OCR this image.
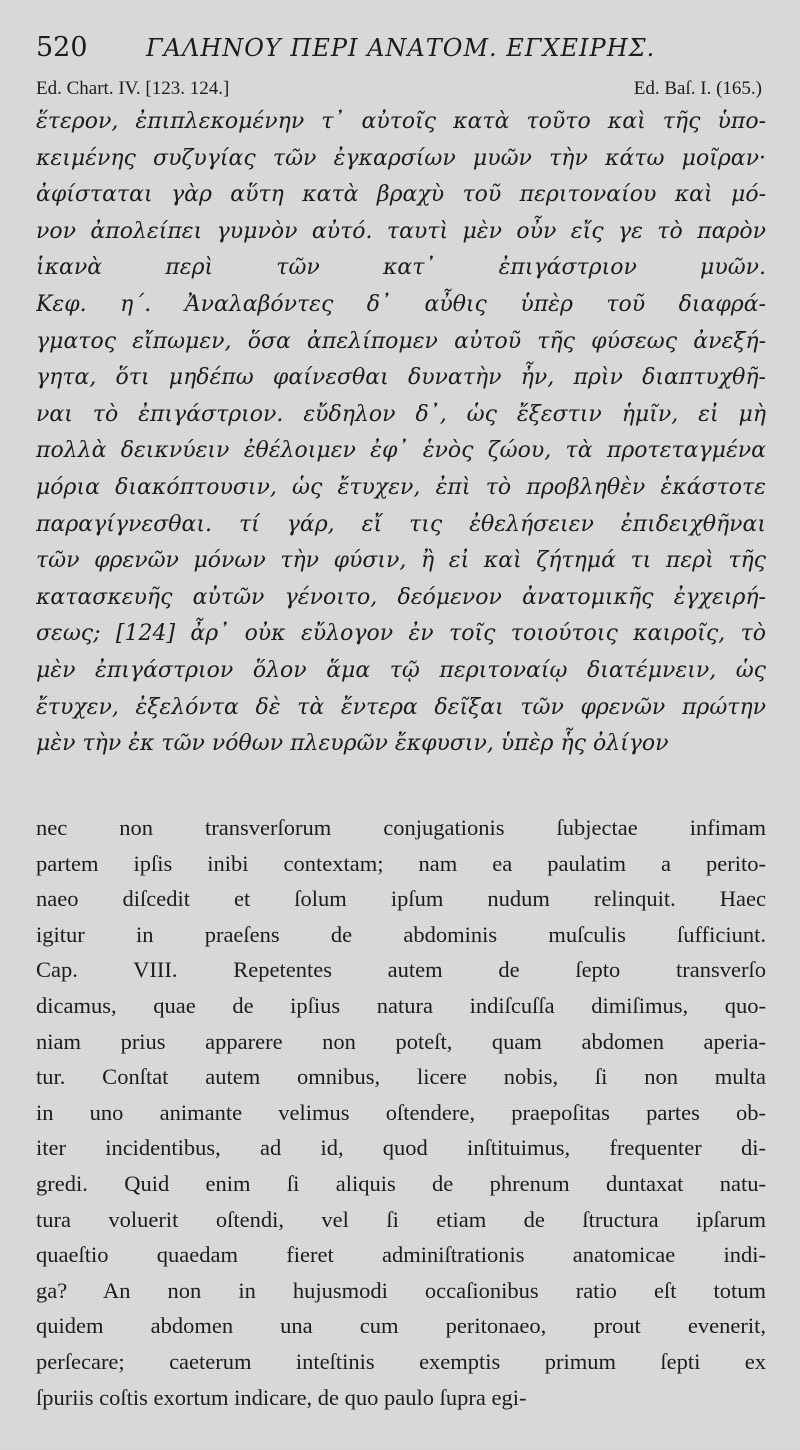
520 ΓΑΛΗΝΟΥ ΠΕΡΙ ΑΝΑΤΟΜ. ΕΓΧΕΙΡΗΣ.
Ed. Chart. IV. [123. 124.]	Ed. Baſ. I. (165.)
ἕτερον, ἐπιπλεκομένην τ᾽ αὐτοῖς κατὰ τοῦτο καὶ τῆς ὑπο-
κειμένης συζυγίας τῶν ἐγκαρσίων μυῶν τὴν κάτω μοῖραν·
ἀφίσταται γὰρ αὕτη κατὰ βραχὺ τοῦ περιτοναίου καὶ μό-
νον ἀπολείπει γυμνὸν αὐτό. ταυτὶ μὲν οὖν εἴς γε τὸ παρὸν
ἱκανὰ περὶ τῶν κατ᾽ ἐπιγάστριον μυῶν.
Κεφ. η΄. Ἀναλαβόντες δ᾽ αὖθις ὑπὲρ τοῦ διαφρά-
γματος εἴπωμεν, ὅσα ἀπελίπομεν αὐτοῦ τῆς φύσεως ἀνεξή-
γητα, ὅτι μηδέπω φαίνεσθαι δυνατὴν ἦν, πρὶν διαπτυχθῆ-
ναι τὸ ἐπιγάστριον. εὔδηλον δ᾽, ὡς ἔξεστιν ἡμῖν, εἰ μὴ
πολλὰ δεικνύειν ἐθέλοιμεν ἐφ᾽ ἑνὸς ζώου, τὰ προτεταγμένα
μόρια διακόπτουσιν, ὡς ἔτυχεν, ἐπὶ τὸ προβληθὲν ἑκάστοτε
παραγίγνεσθαι. τί γάρ, εἴ τις ἐθελήσειεν ἐπιδειχθῆναι
τῶν φρενῶν μόνων τὴν φύσιν, ἢ εἰ καὶ ζήτημά τι περὶ τῆς
κατασκευῆς αὐτῶν γένοιτο, δεόμενον ἀνατομικῆς ἐγχειρή-
σεως; [124] ἆρ᾽ οὐκ εὔλογον ἐν τοῖς τοιούτοις καιροῖς, τὸ
μὲν ἐπιγάστριον ὅλον ἅμα τῷ περιτοναίῳ διατέμνειν, ὡς
ἔτυχεν, ἐξελόντα δὲ τὰ ἔντερα δεῖξαι τῶν φρενῶν πρώτην
μὲν τὴν ἐκ τῶν νόθων πλευρῶν ἔκφυσιν, ὑπὲρ ἧς ὀλίγον
nec non transverſorum conjugationis ſubjectae infimam
partem ipſis inibi contextam; nam ea paulatim a perito-
naeo diſcedit et ſolum ipſum nudum relinquit. Haec
igitur in praeſens de abdominis muſculis ſufficiunt.
Cap. VIII. Repetentes autem de ſepto transverſo
dicamus, quae de ipſius natura indiſcuſſa dimiſimus, quo-
niam prius apparere non poteſt, quam abdomen aperia-
tur. Conſtat autem omnibus, licere nobis, ſi non multa
in uno animante velimus oſtendere, praepoſitas partes ob-
iter incidentibus, ad id, quod inſtituimus, frequenter di-
gredi. Quid enim ſi aliquis de phrenum duntaxat natu-
tura voluerit oſtendi, vel ſi etiam de ſtructura ipſarum
quaeſtio quaedam fieret adminiſtrationis anatomicae indi-
ga? An non in hujusmodi occaſionibus ratio eſt totum
quidem abdomen una cum peritonaeo, prout evenerit,
perſecare; caeterum inteſtinis exemptis primum ſepti ex
ſpuriis coſtis exortum indicare, de quo paulo ſupra egi-
